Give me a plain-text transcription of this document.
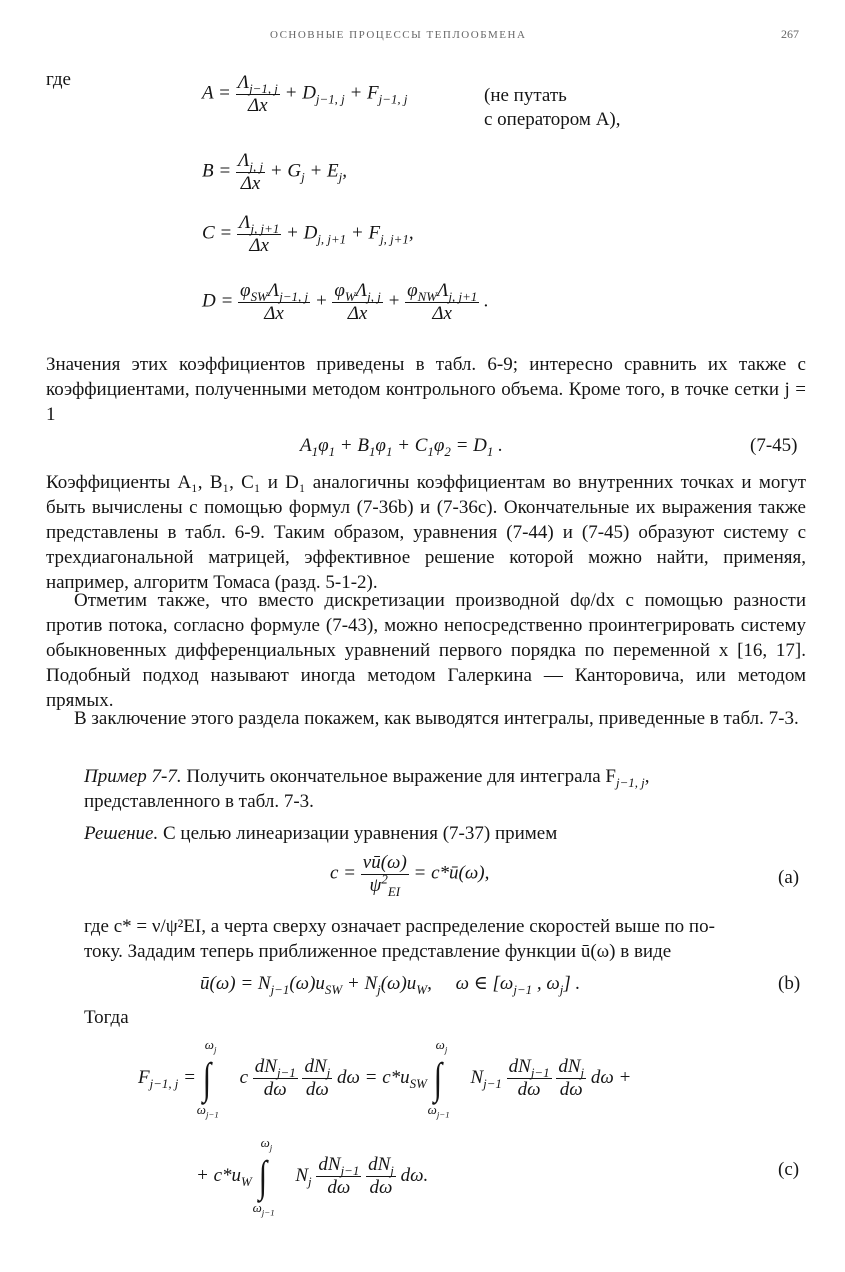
ОСНОВНЫЕ ПРОЦЕССЫ ТЕПЛООБМЕНА	267
где
$A = \frac{\Lambda_{j-1, j}}{\Delta x} + D_{j-1, j} + F_{j-1, j}$	(не путать
с оператором A),
$B = \frac{\Lambda_{j, j}}{\Delta x} + G_j + E_j$,
$C = \frac{\Lambda_{j, j+1}}{\Delta x} + D_{j, j+1} + F_{j, j+1}$,
$D = \frac{\varphi_{SW}\Lambda_{j-1, j}}{\Delta x} + \frac{\varphi_W\Lambda_{j, j}}{\Delta x} + \frac{\varphi_{NW}\Lambda_{j, j+1}}{\Delta x}$ .
Значения этих коэффициентов приведены в табл. 6-9; интересно сравнить их также с коэффициентами, полученными методом контрольного объема. Кроме того, в точке сетки j = 1
$A_1\varphi_1 + B_1\varphi_1 + C_1\varphi_2 = D_1$ .	(7-45)
Коэффициенты A₁, B₁, C₁ и D₁ аналогичны коэффициентам во внутренних точках и могут быть вычислены с помощью формул (7-36b) и (7-36c). Окончательные их выражения также представлены в табл. 6-9. Таким образом, уравнения (7-44) и (7-45) образуют систему с трехдиагональной матрицей, эффективное решение которой можно найти, применяя, например, алгоритм Томаса (разд. 5-1-2).
Отметим также, что вместо дискретизации производной dφ/dx с помощью разности против потока, согласно формуле (7-43), можно непосредственно проинтегрировать систему обыкновенных дифференциальных уравнений первого порядка по переменной x [16, 17]. Подобный подход называют иногда методом Галеркина — Канторовича, или методом прямых.
В заключение этого раздела покажем, как выводятся интегралы, приведенные в табл. 7-3.
Пример 7-7. Получить окончательное выражение для интеграла $F_{j-1, j}$,
представленного в табл. 7-3.
Решение. С целью линеаризации уравнения (7-37) примем
$c = \frac{\nu ū(\omega)}{\psi^2_{EI}}$ = c*ū(ω),	(a)
где c* = ν/ψ²EI, а черта сверху означает распределение скоростей выше по по-
току. Зададим теперь приближенное представление функции ū(ω) в виде
ū(ω) = $N_{j-1}(\omega)u_{SW} + N_j(\omega)u_W$,     ω ∈ [$\omega_{j-1}$ , $\omega_j$] .	(b)
Тогда
$F_{j-1, j}$ = ∫
$\omega_j$
$\omega_{j-1}$
c $\frac{dN_{j-1}}{d\omega}$
$\frac{dN_j}{d\omega}$ $d\omega = c*u_{SW}$ ∫
$\omega_j$
$\omega_{j-1}$
$N_{j-1} \frac{dN_{j-1}}{d\omega}$
$\frac{dN_j}{d\omega}$ dω +
+ $c*u_W$ ∫
$\omega_j$
$\omega_{j-1}$
$N_j \frac{dN_{j-1}}{d\omega}$
$\frac{dN_j}{d\omega} d\omega$.	(c)
